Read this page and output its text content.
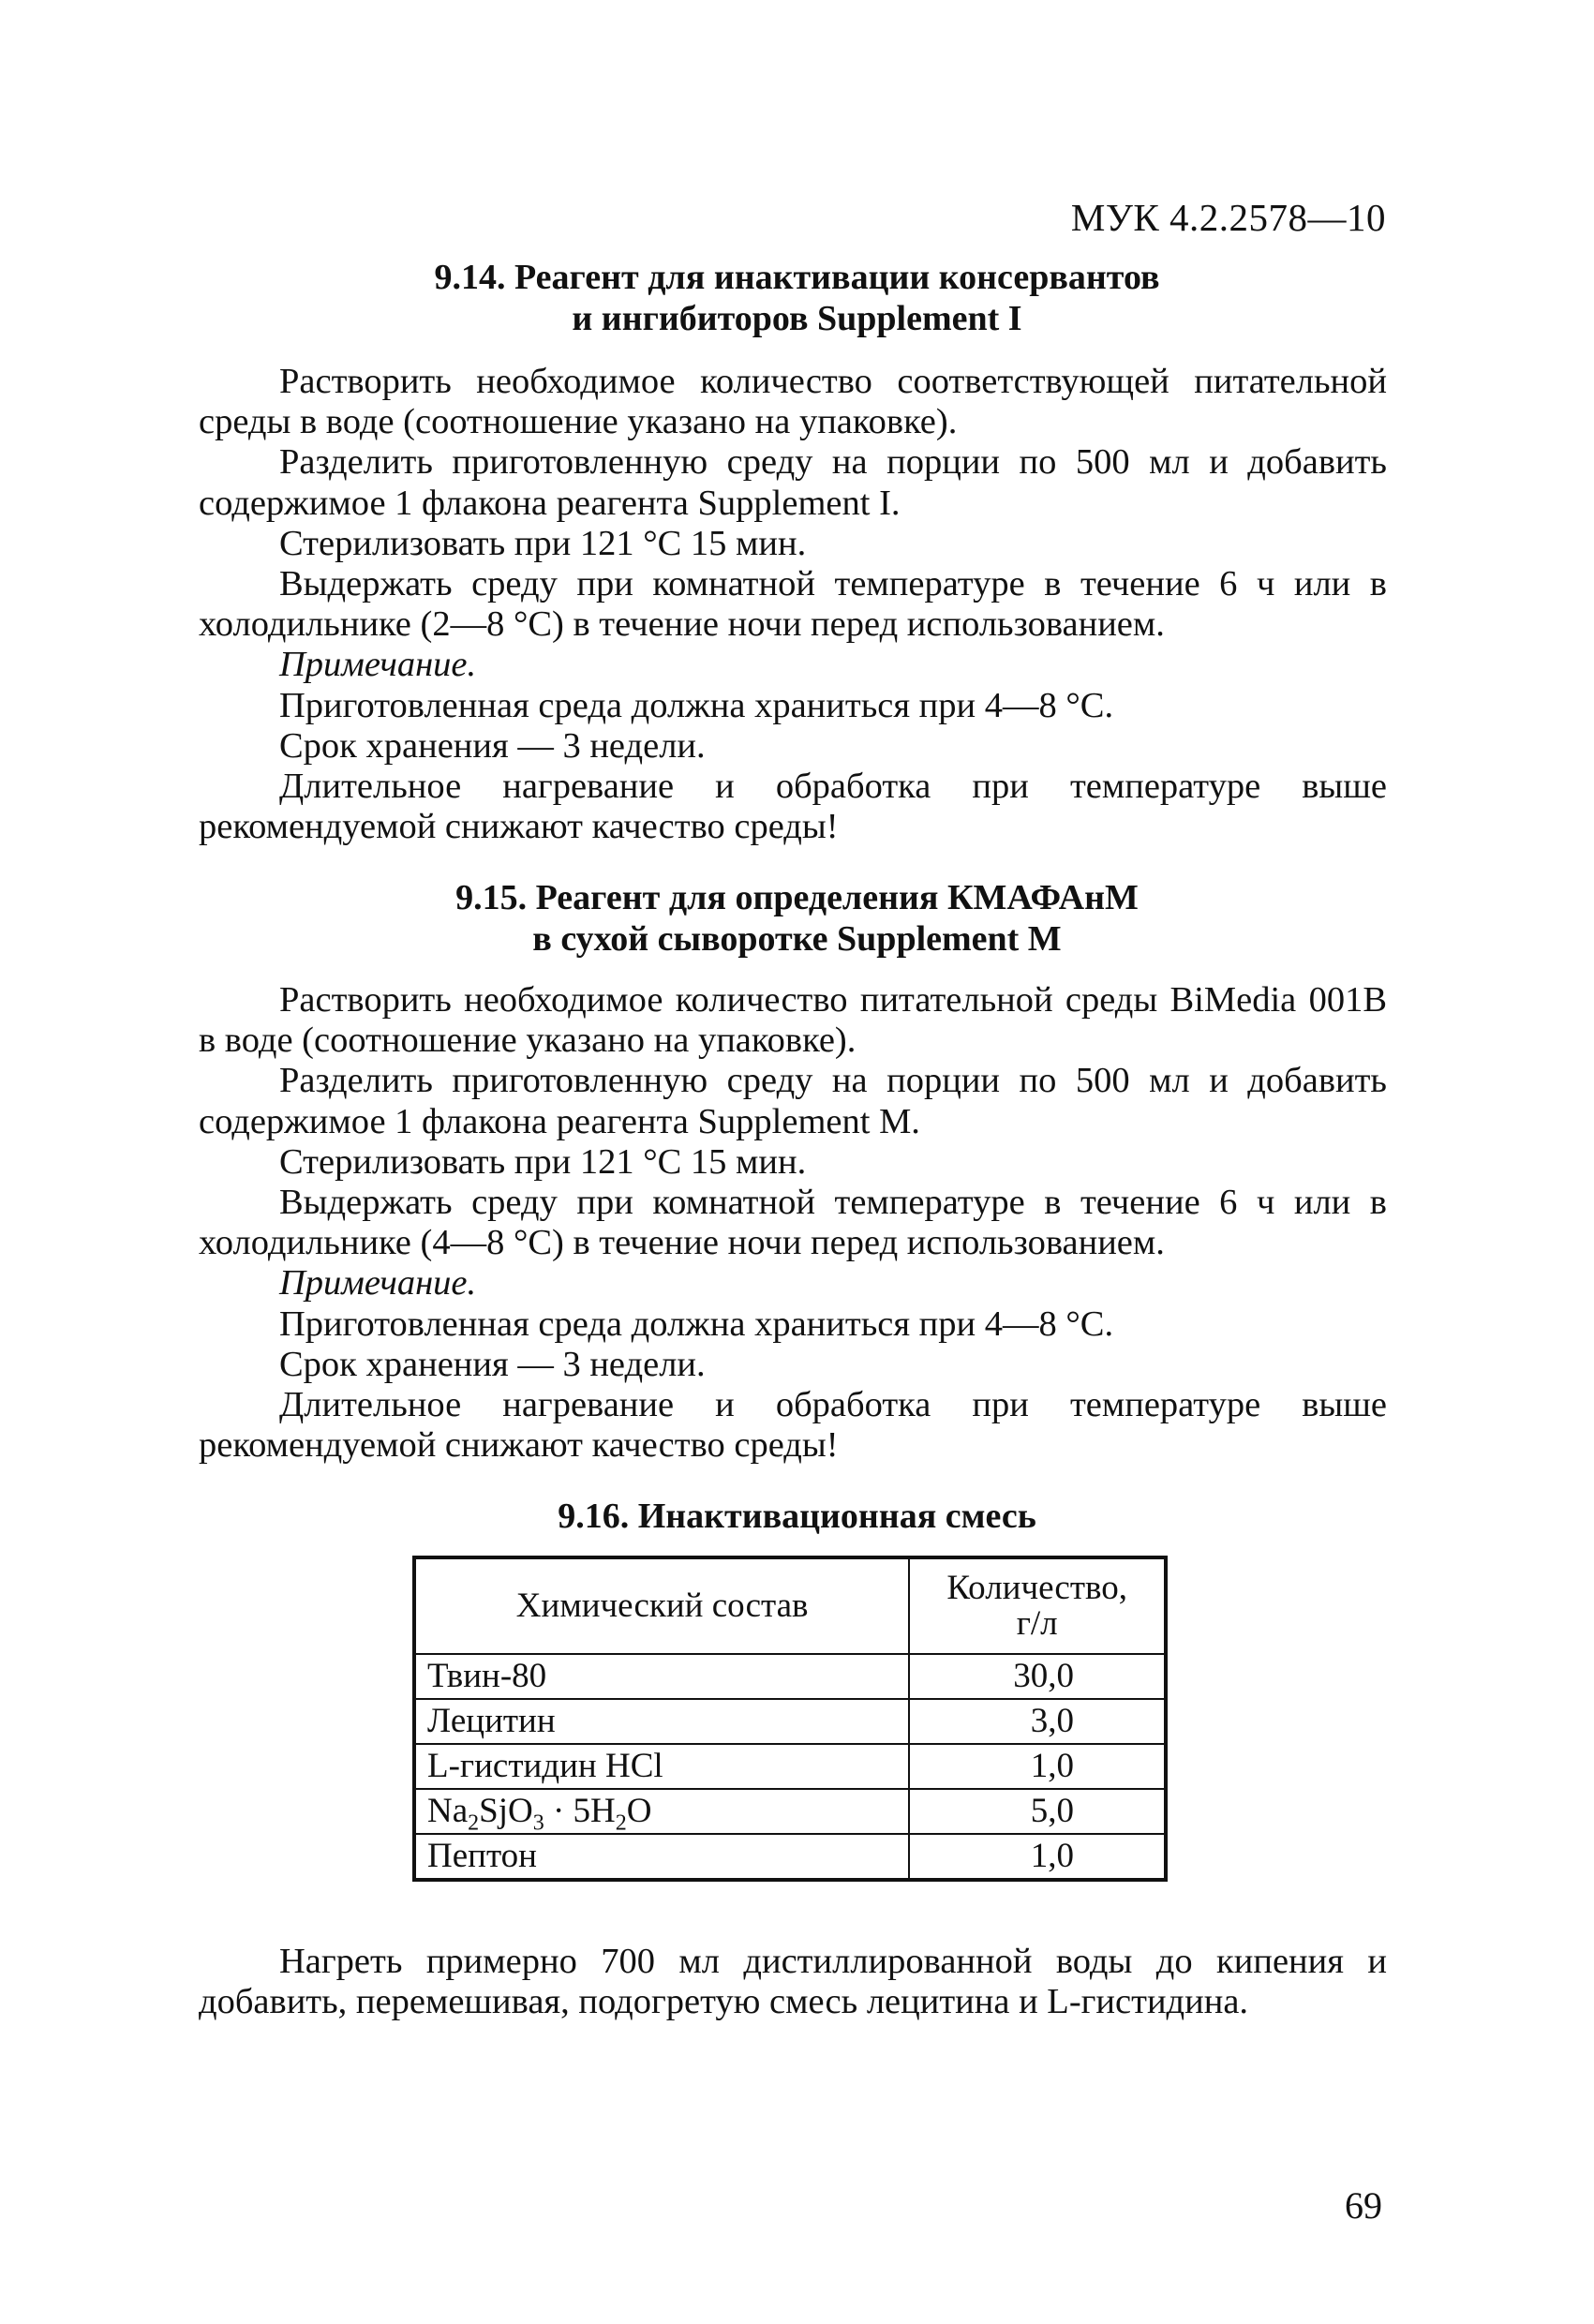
МУК 4.2.2578—10
9.14. Реагент для инактивации консервантов
и ингибиторов Supplement I

Растворить необходимое количество соответствующей питательной среды в воде (соотношение указано на упаковке).

Разделить приготовленную среду на порции по 500 мл и добавить содержимое 1 флакона реагента Supplement I.

Стерилизовать при 121 °С 15 мин.

Выдержать среду при комнатной температуре в течение 6 ч или в холодильнике (2—8 °С) в течение ночи перед использованием.

Примечание.

Приготовленная среда должна храниться при 4—8 °С.

Срок хранения — 3 недели.

Длительное нагревание и обработка при температуре выше рекомендуемой снижают качество среды!

9.15. Реагент для определения КМАФАнМ
в сухой сыворотке Supplement М

Растворить необходимое количество питательной среды BiMedia 001B в воде (соотношение указано на упаковке).

Разделить приготовленную среду на порции по 500 мл и добавить содержимое 1 флакона реагента Supplement М.

Стерилизовать при 121 °С 15 мин.

Выдержать среду при комнатной температуре в течение 6 ч или в холодильнике (4—8 °С) в течение ночи перед использованием.

Примечание.

Приготовленная среда должна храниться при 4—8 °С.

Срок хранения — 3 недели.

Длительное нагревание и обработка при температуре выше рекомендуемой снижают качество среды!

9.16. Инактивационная смесь
Химический состав	Количество,
г/л
Твин-80	30,0
Лецитин	3,0
L-гистидин НСl	1,0
$Na_2SjO_3 \cdot 5H_2O$	5,0
Пептон	1,0

Нагреть примерно 700 мл дистиллированной воды до кипения и добавить, перемешивая, подогретую смесь лецитина и L-гистидина.

69
